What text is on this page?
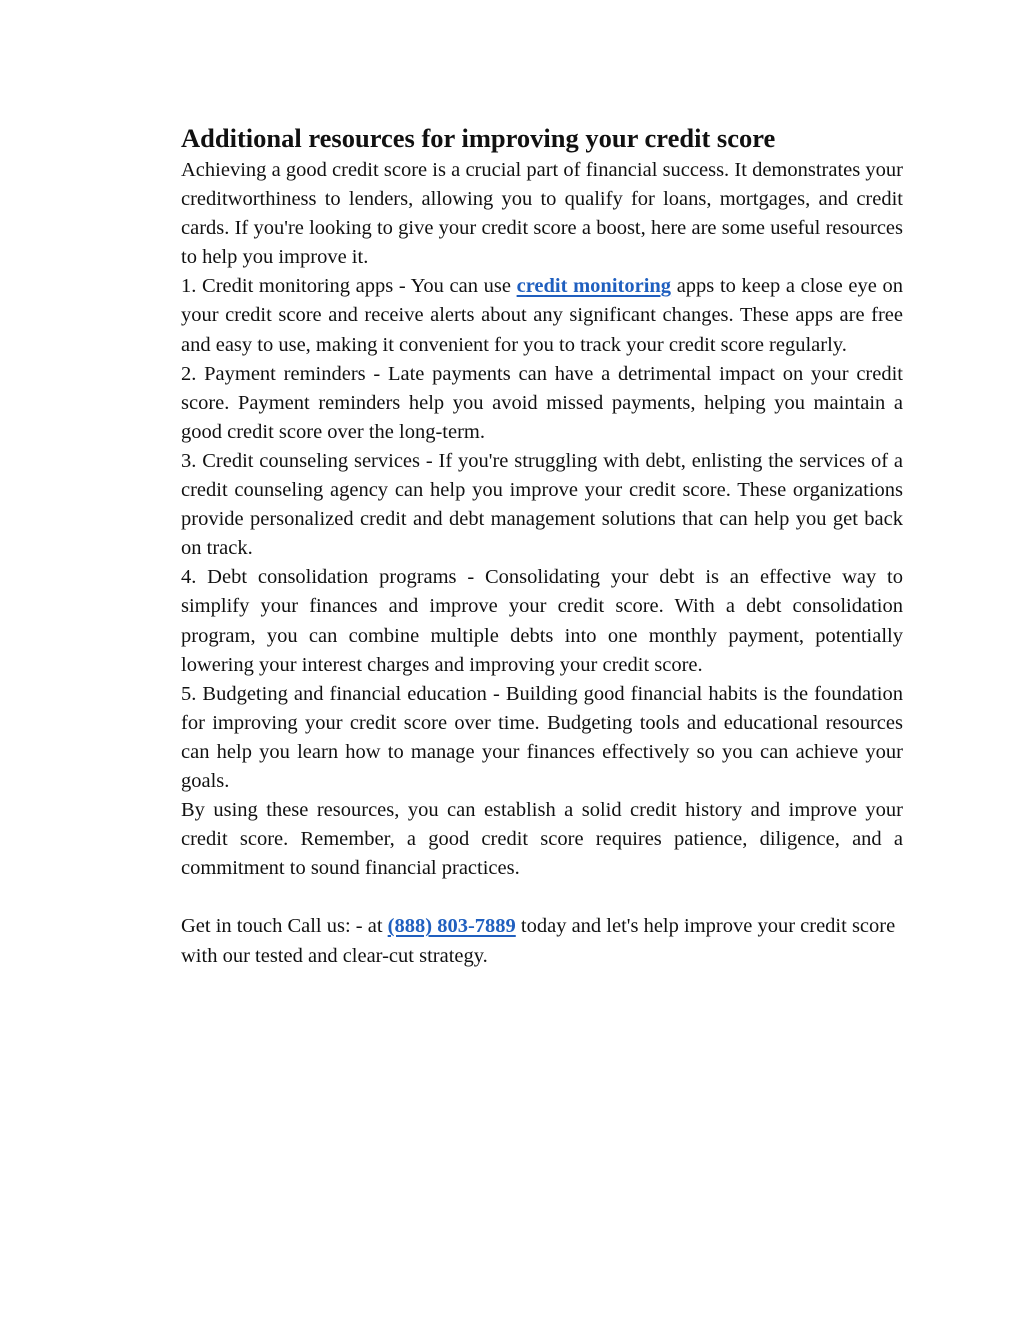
Additional resources for improving your credit score

Achieving a good credit score is a crucial part of financial success. It demonstrates your creditworthiness to lenders, allowing you to qualify for loans, mortgages, and credit cards. If you're looking to give your credit score a boost, here are some useful resources to help you improve it.

1. Credit monitoring apps - You can use credit monitoring apps to keep a close eye on your credit score and receive alerts about any significant changes. These apps are free and easy to use, making it convenient for you to track your credit score regularly.

2. Payment reminders - Late payments can have a detrimental impact on your credit score. Payment reminders help you avoid missed payments, helping you maintain a good credit score over the long-term.

3. Credit counseling services - If you're struggling with debt, enlisting the services of a credit counseling agency can help you improve your credit score. These organizations provide personalized credit and debt management solutions that can help you get back on track.

4. Debt consolidation programs - Consolidating your debt is an effective way to simplify your finances and improve your credit score. With a debt consolidation program, you can combine multiple debts into one monthly payment, potentially lowering your interest charges and improving your credit score.

5. Budgeting and financial education - Building good financial habits is the foundation for improving your credit score over time. Budgeting tools and educational resources can help you learn how to manage your finances effectively so you can achieve your goals.

By using these resources, you can establish a solid credit history and improve your credit score. Remember, a good credit score requires patience, diligence, and a commitment to sound financial practices.

Get in touch Call us: - at (888) 803-7889 today and let's help improve your credit score with our tested and clear-cut strategy.
